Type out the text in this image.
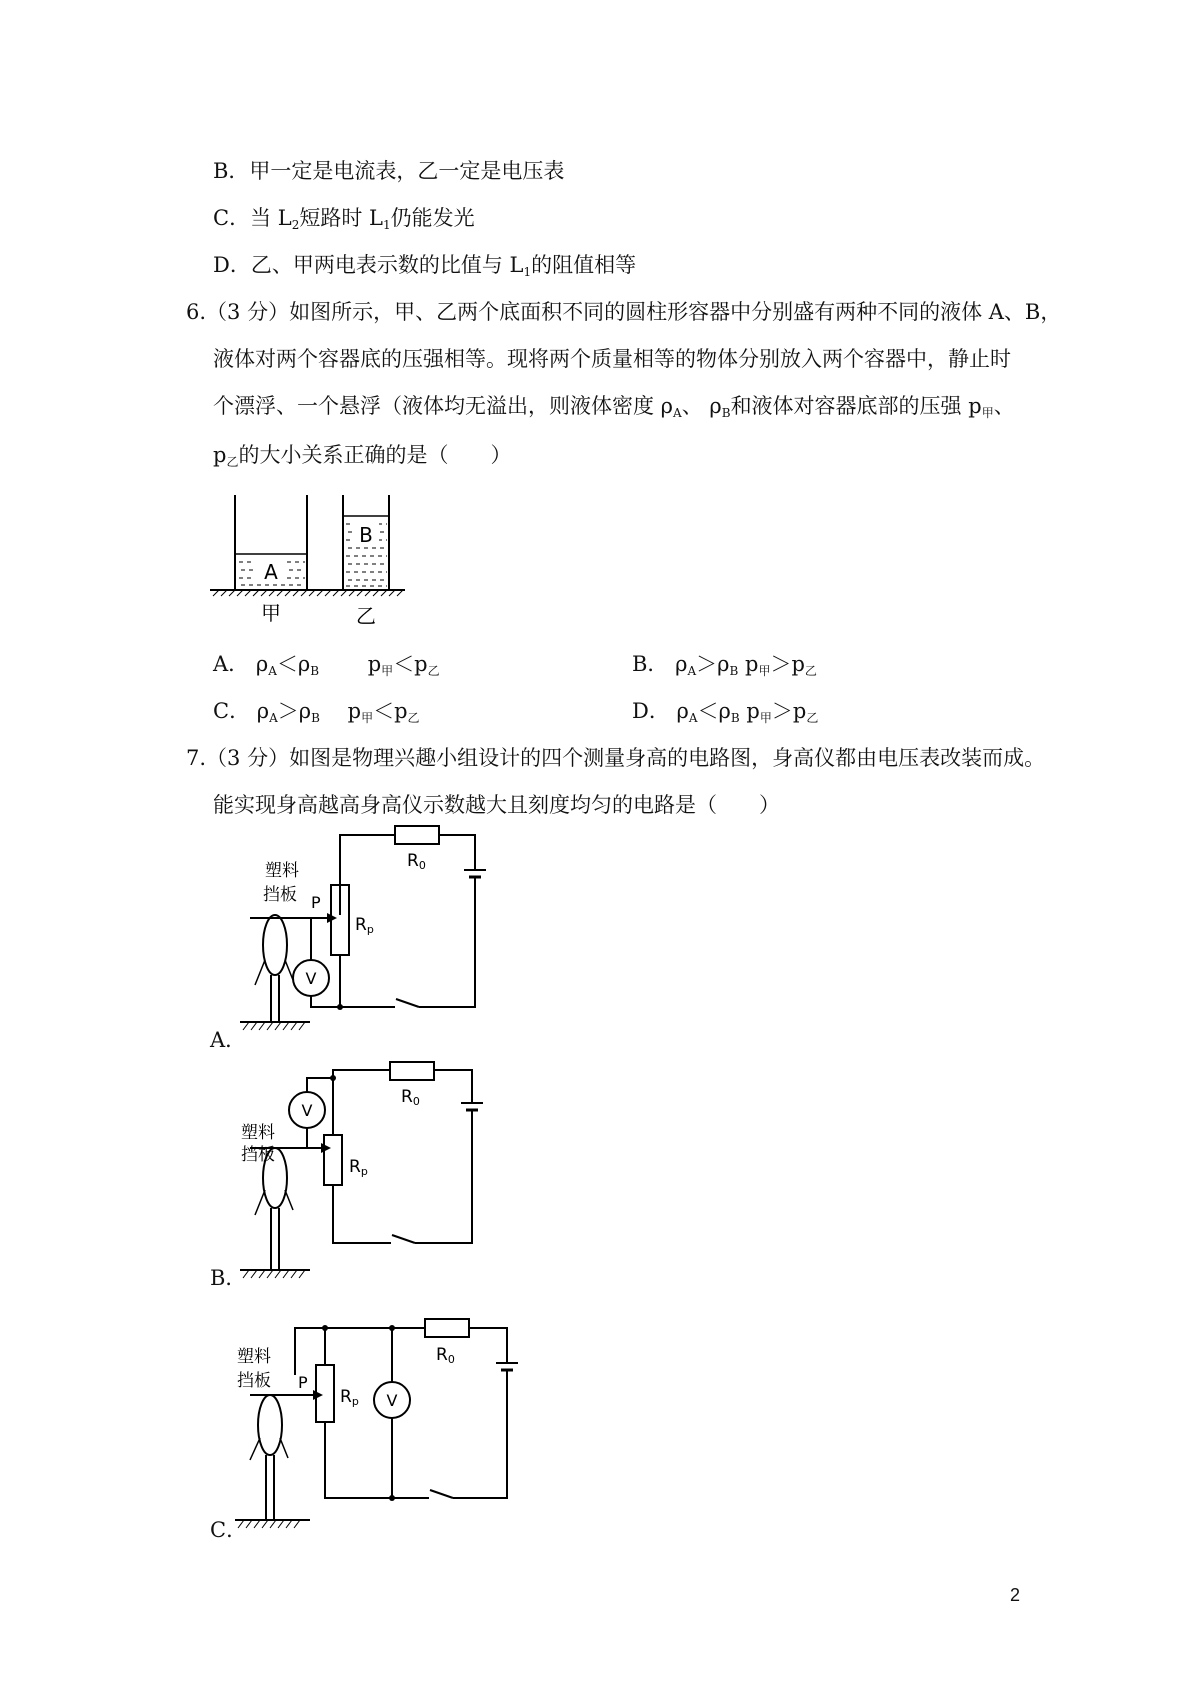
B．甲一定是电流表，乙一定是电压表
C．当 $L_2$短路时 $L_1$仍能发光
D．乙、甲两电表示数的比值与 $L_1$的阻值相等
6.（3 分）如图所示，甲、乙两个底面积不同的圆柱形容器中分别盛有两种不同的液体 A、B，
液体对两个容器底的压强相等。现将两个质量相等的物体分别放入两个容器中，静止时
个漂浮、一个悬浮（液体均无溢出，则液体密度 $\rho_A$、 $\rho_B$和液体对容器底部的压强 $p_甲$、
$p_乙$的大小关系正确的是（　　）
A
B
甲	乙
A． $\rho_A<\rho_B$　　 $p_甲<p_乙$	B． $\rho_A>\rho_B$ $p_甲>p_乙$
C． $\rho_A>\rho_B$　 $p_甲<p_乙$	D． $\rho_A<\rho_B$ $p_甲>p_乙$
7.（3 分）如图是物理兴趣小组设计的四个测量身高的电路图，身高仪都由电压表改装而成。
能实现身高越高身高仪示数越大且刻度均匀的电路是（　　）
塑料
挡板 P
R0
Rp
V
A．
塑料
挡板
R0
Rp
V
B．
塑料
挡板 P
R0
Rp V
C．
2
